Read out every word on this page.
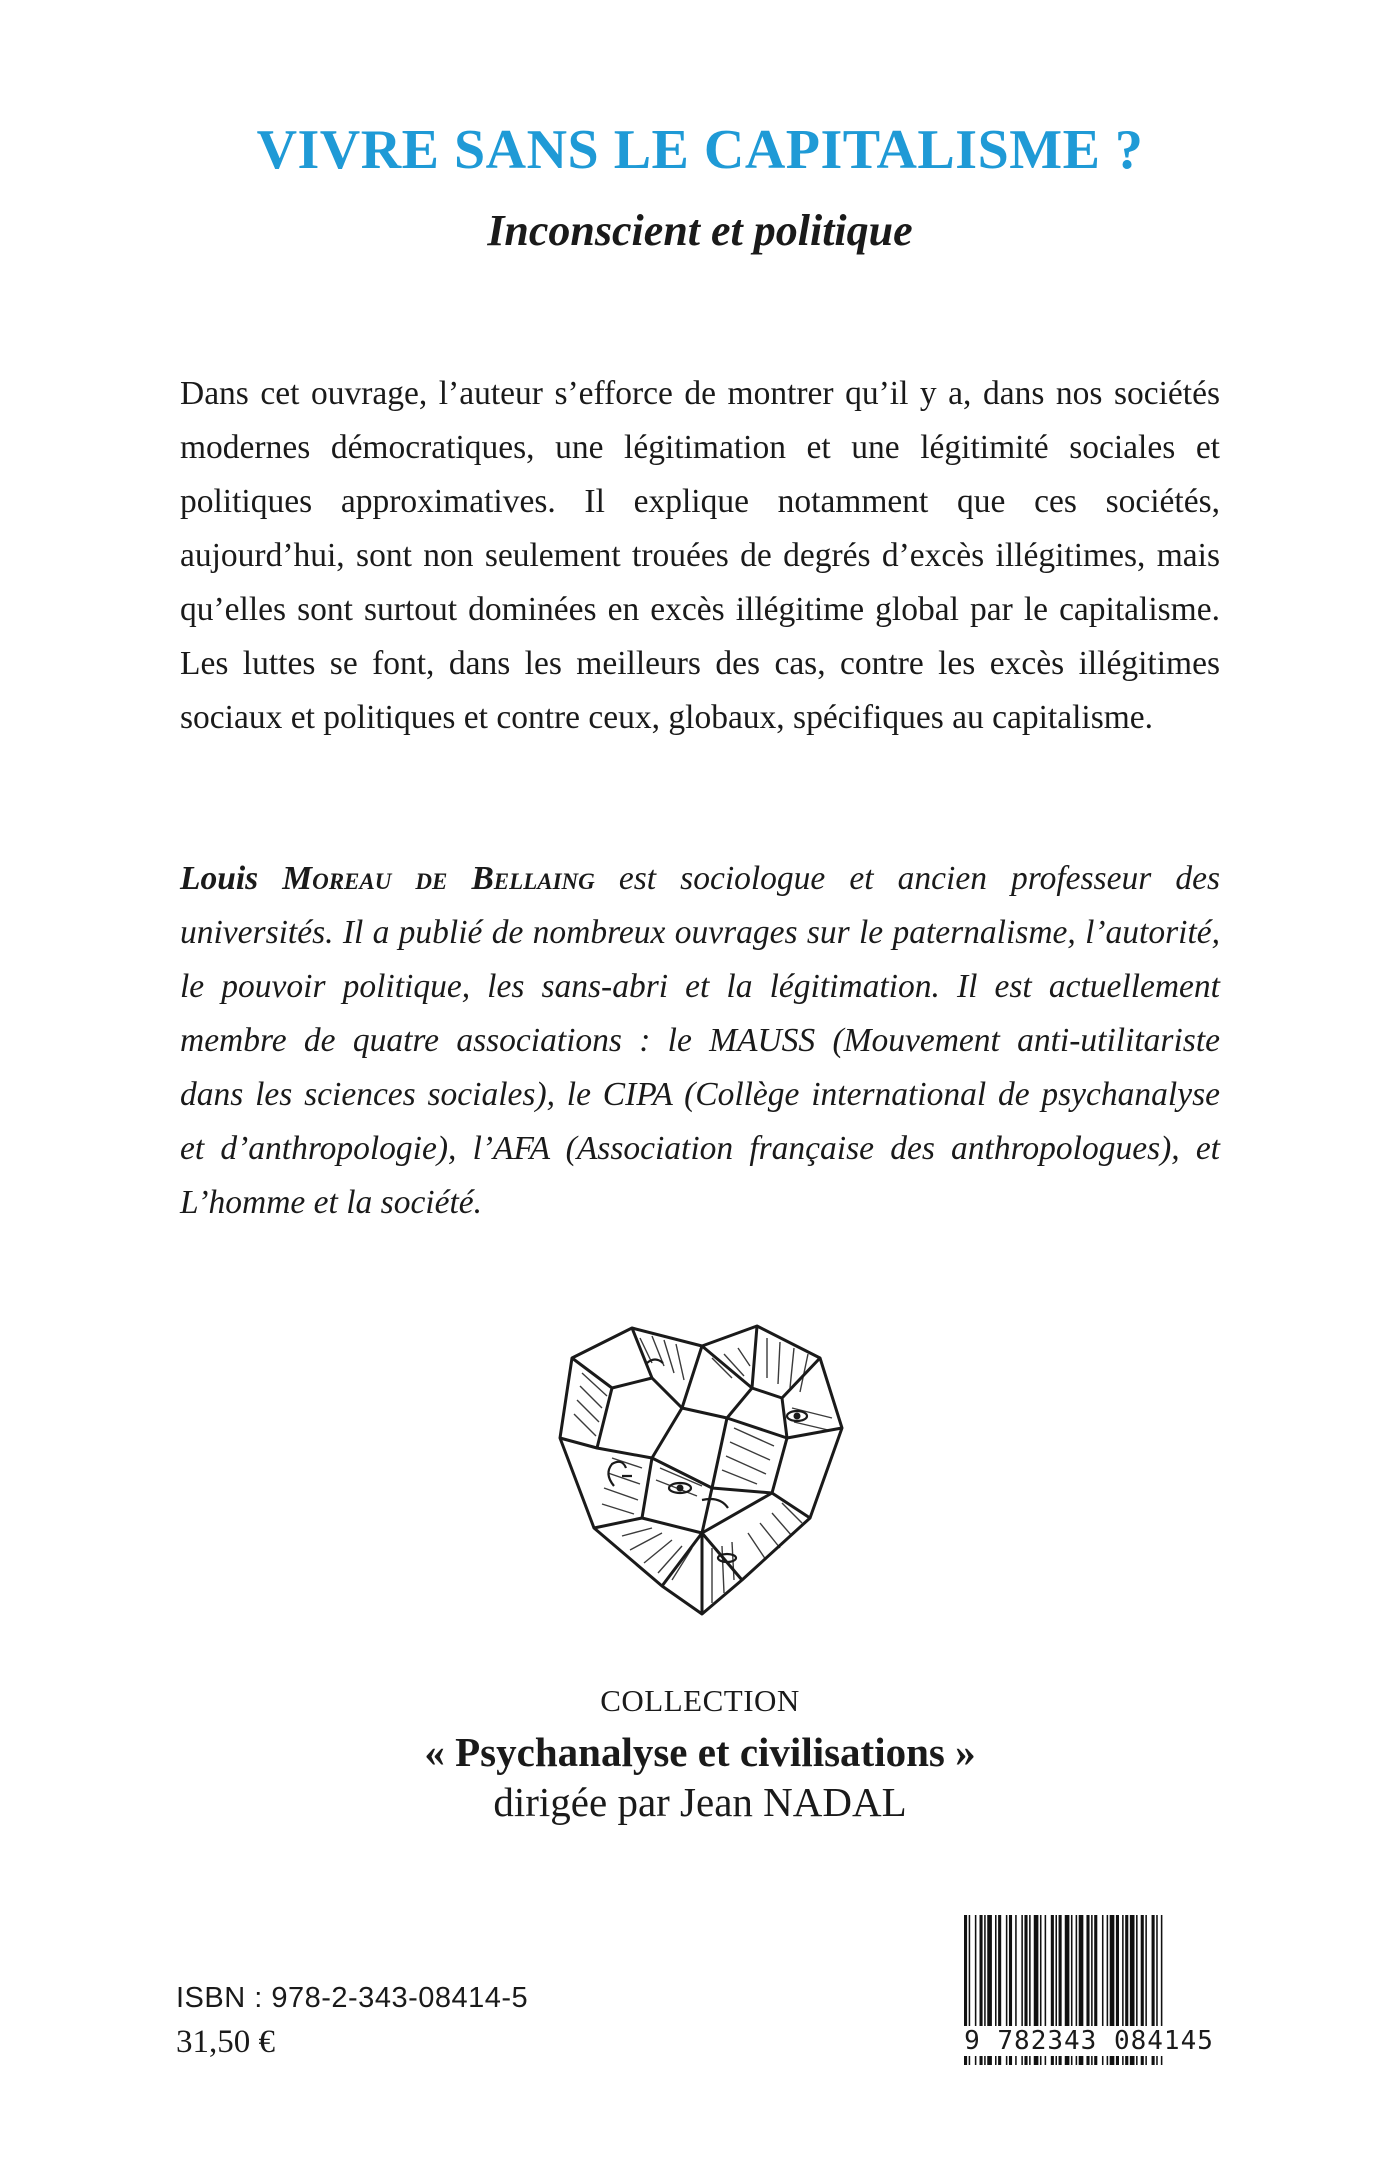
VIVRE SANS LE CAPITALISME ?
Inconscient et politique

Dans cet ouvrage, l’auteur s’efforce de montrer qu’il y a, dans nos sociétés modernes démocratiques, une légitimation et une légitimité sociales et politiques approximatives. Il explique notamment que ces sociétés, aujourd’hui, sont non seulement trouées de degrés d’excès illégitimes, mais qu’elles sont surtout dominées en excès illégitime global par le capitalisme. Les luttes se font, dans les meilleurs des cas, contre les excès illégitimes sociaux et politiques et contre ceux, globaux, spécifiques au capitalisme.

Louis Moreau de Bellaing est sociologue et ancien professeur des universités. Il a publié de nombreux ouvrages sur le paternalisme, l’autorité, le pouvoir politique, les sans-abri et la légitimation. Il est actuellement membre de quatre associations : le MAUSS (Mouvement anti-utilitariste dans les sciences sociales), le CIPA (Collège international de psychanalyse et d’anthropologie), l’AFA (Association française des anthropologues), et L’homme et la société.

COLLECTION
« Psychanalyse et civilisations »
dirigée par Jean NADAL
ISBN : 978-2-343-08414-5
31,50 €	9 782343 084145
